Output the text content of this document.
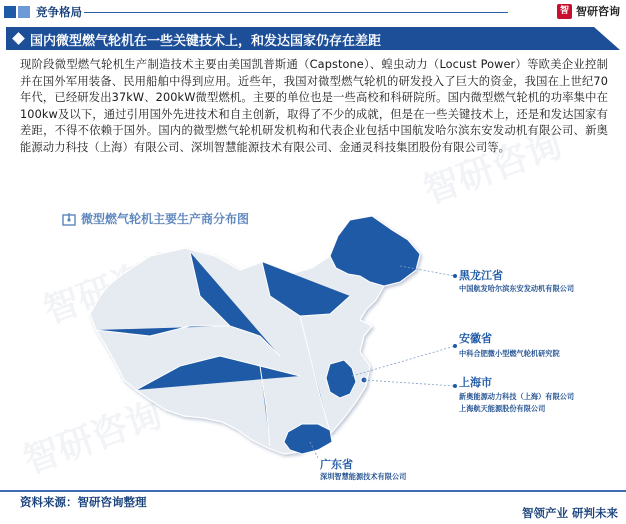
智研咨询
智研咨询
竞争格局	智 智研咨询
国内微型燃气轮机在一些关键技术上，和发达国家仍存在差距
现阶段微型燃气轮机生产制造技术主要由美国凯普斯通（Capstone）、蝗虫动力（Locust Power）等欧美企业控制并在国外军用装备、民用船舶中得到应用。近些年，我国对微型燃气轮机的研发投入了巨大的资金，我国在上世纪70年代，已经研发出37kW、200kW微型燃机。主要的单位也是一些高校和科研院所。国内微型燃气轮机的功率集中在100kw及以下，通过引用国外先进技术和自主创新，取得了不少的成就，但是在一些关键技术上，还是和发达国家有差距，不得不依赖于国外。国内的微型燃气轮机研发机构和代表企业包括中国航发哈尔滨东安发动机有限公司、新奥能源动力科技（上海）有限公司、深圳智慧能源技术有限公司、金通灵科技集团股份有限公司等。
微型燃气轮机主要生产商分布图
黑龙江省
中国航发哈尔滨东安发动机有限公司
安徽省
中科合肥微小型燃气轮机研究院
上海市
新奥能源动力科技（上海）有限公司
上海航天能源股份有限公司
广东省
深圳智慧能源技术有限公司
资料来源：智研咨询整理
智领产业 研判未来
